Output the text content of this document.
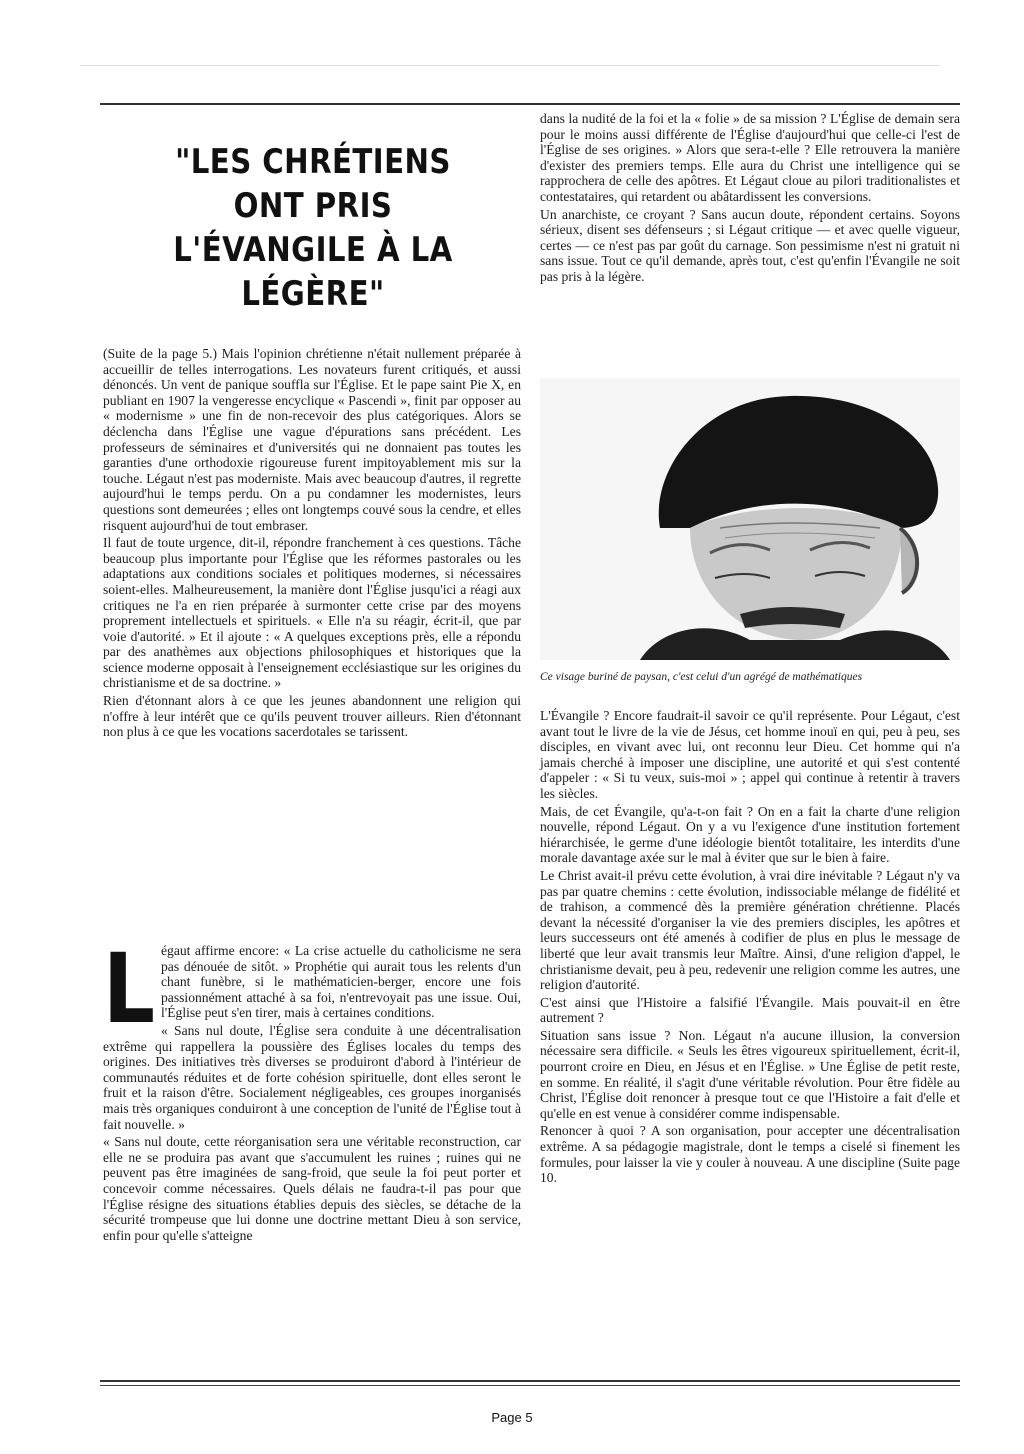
"LES CHRÉTIENS ONT PRIS L'ÉVANGILE À LA LÉGÈRE"

(Suite de la page 5.) Mais l'opinion chrétienne n'était nullement préparée à accueillir de telles interrogations. Les novateurs furent critiqués, et aussi dénoncés. Un vent de panique souffla sur l'Église. Et le pape saint Pie X, en publiant en 1907 la vengeresse encyclique « Pascendi », finit par opposer au « modernisme » une fin de non-recevoir des plus catégoriques. Alors se déclencha dans l'Église une vague d'épurations sans précédent. Les professeurs de séminaires et d'universités qui ne donnaient pas toutes les garanties d'une orthodoxie rigoureuse furent impitoyablement mis sur la touche. Légaut n'est pas moderniste. Mais avec beaucoup d'autres, il regrette aujourd'hui le temps perdu. On a pu condamner les modernistes, leurs questions sont demeurées ; elles ont longtemps couvé sous la cendre, et elles risquent aujourd'hui de tout embraser.

Il faut de toute urgence, dit-il, répondre franchement à ces questions. Tâche beaucoup plus importante pour l'Église que les réformes pastorales ou les adaptations aux conditions sociales et politiques modernes, si nécessaires soient-elles. Malheureusement, la manière dont l'Église jusqu'ici a réagi aux critiques ne l'a en rien préparée à surmonter cette crise par des moyens proprement intellectuels et spirituels. « Elle n'a su réagir, écrit-il, que par voie d'autorité. » Et il ajoute : « A quelques exceptions près, elle a répondu par des anathèmes aux objections philosophiques et historiques que la science moderne opposait à l'enseignement ecclésiastique sur les origines du christianisme et de sa doctrine. »

Rien d'étonnant alors à ce que les jeunes abandonnent une religion qui n'offre à leur intérêt que ce qu'ils peuvent trouver ailleurs. Rien d'étonnant non plus à ce que les vocations sacerdotales se tarissent.

L égaut affirme encore: « La crise actuelle du catholicisme ne sera pas dénouée de sitôt. » Prophétie qui aurait tous les relents d'un chant funèbre, si le mathématicien-berger, encore une fois passionnément attaché à sa foi, n'entrevoyait pas une issue. Oui, l'Église peut s'en tirer, mais à certaines conditions.

« Sans nul doute, l'Église sera conduite à une décentralisation extrême qui rappellera la poussière des Églises locales du temps des origines. Des initiatives très diverses se produiront d'abord à l'intérieur de communautés réduites et de forte cohésion spirituelle, dont elles seront le fruit et la raison d'être. Socialement négligeables, ces groupes inorganisés mais très organiques conduiront à une conception de l'unité de l'Église tout à fait nouvelle. »

« Sans nul doute, cette réorganisation sera une véritable reconstruction, car elle ne se produira pas avant que s'accumulent les ruines ; ruines qui ne peuvent pas être imaginées de sang-froid, que seule la foi peut porter et concevoir comme nécessaires. Quels délais ne faudra-t-il pas pour que l'Église résigne des situations établies depuis des siècles, se détache de la sécurité trompeuse que lui donne une doctrine mettant Dieu à son service, enfin pour qu'elle s'atteigne

dans la nudité de la foi et la « folie » de sa mission ? L'Église de demain sera pour le moins aussi différente de l'Église d'aujourd'hui que celle-ci l'est de l'Église de ses origines. » Alors que sera-t-elle ? Elle retrouvera la manière d'exister des premiers temps. Elle aura du Christ une intelligence qui se rapprochera de celle des apôtres. Et Légaut cloue au pilori traditionalistes et contestataires, qui retardent ou abâtardissent les conversions.

Un anarchiste, ce croyant ? Sans aucun doute, répondent certains. Soyons sérieux, disent ses défenseurs ; si Légaut critique — et avec quelle vigueur, certes — ce n'est pas par goût du carnage. Son pessimisme n'est ni gratuit ni sans issue. Tout ce qu'il demande, après tout, c'est qu'enfin l'Évangile ne soit pas pris à la légère.

Ce visage buriné de paysan, c'est celui d'un agrégé de mathématiques

L'Évangile ? Encore faudrait-il savoir ce qu'il représente. Pour Légaut, c'est avant tout le livre de la vie de Jésus, cet homme inouï en qui, peu à peu, ses disciples, en vivant avec lui, ont reconnu leur Dieu. Cet homme qui n'a jamais cherché à imposer une discipline, une autorité et qui s'est contenté d'appeler : « Si tu veux, suis-moi » ; appel qui continue à retentir à travers les siècles.

Mais, de cet Évangile, qu'a-t-on fait ? On en a fait la charte d'une religion nouvelle, répond Légaut. On y a vu l'exigence d'une institution fortement hiérarchisée, le germe d'une idéologie bientôt totalitaire, les interdits d'une morale davantage axée sur le mal à éviter que sur le bien à faire.

Le Christ avait-il prévu cette évolution, à vrai dire inévitable ? Légaut n'y va pas par quatre chemins : cette évolution, indissociable mélange de fidélité et de trahison, a commencé dès la première génération chrétienne. Placés devant la nécessité d'organiser la vie des premiers disciples, les apôtres et leurs successeurs ont été amenés à codifier de plus en plus le message de liberté que leur avait transmis leur Maître. Ainsi, d'une religion d'appel, le christianisme devait, peu à peu, redevenir une religion comme les autres, une religion d'autorité.

C'est ainsi que l'Histoire a falsifié l'Évangile. Mais pouvait-il en être autrement ?

Situation sans issue ? Non. Légaut n'a aucune illusion, la conversion nécessaire sera difficile. « Seuls les êtres vigoureux spirituellement, écrit-il, pourront croire en Dieu, en Jésus et en l'Église. » Une Église de petit reste, en somme. En réalité, il s'agit d'une véritable révolution. Pour être fidèle au Christ, l'Église doit renoncer à presque tout ce que l'Histoire a fait d'elle et qu'elle en est venue à considérer comme indispensable.

Renoncer à quoi ? A son organisation, pour accepter une décentralisation extrême. A sa pédagogie magistrale, dont le temps a ciselé si finement les formules, pour laisser la vie y couler à nouveau. A une discipline (Suite page 10.

Page 5
